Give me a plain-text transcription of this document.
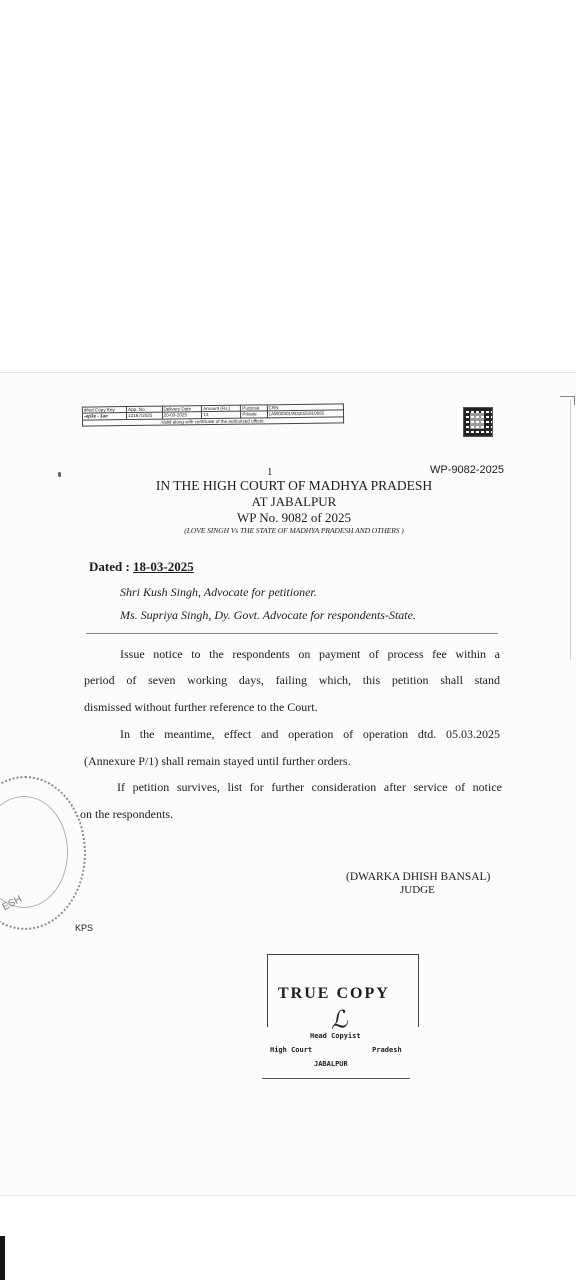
tified Copy Key	App. No.	Delivery Date	Amount (Rs.)	Purpose	CRN
-ap3e - 1ae	12167/2025	20-03-2025	13	Private	LAW003019032025010682
Valid along with certificate of the authorized officer.					
1	WP-9082-2025
IN THE HIGH COURT OF MADHYA PRADESH
AT JABALPUR
WP No. 9082 of 2025
(LOVE SINGH Vs THE STATE OF MADHYA PRADESH AND OTHERS )
Dated : 18-03-2025
Shri Kush Singh, Advocate for petitioner.
Ms. Supriya Singh, Dy. Govt. Advocate for respondents-State.
Issue notice to the respondents on payment of process fee within a
period of seven working days, failing which, this petition shall stand
dismissed without further reference to the Court.
In the meantime, effect and operation of operation dtd. 05.03.2025
(Annexure P/1) shall remain stayed until further orders.
If petition survives, list for further consideration after service of notice
on the respondents.
(DWARKA DHISH BANSAL)
JUDGE
KPS
ESH
TRUE COPY
ℒ
Head Copyist
High Court	Pradesh
JABALPUR
